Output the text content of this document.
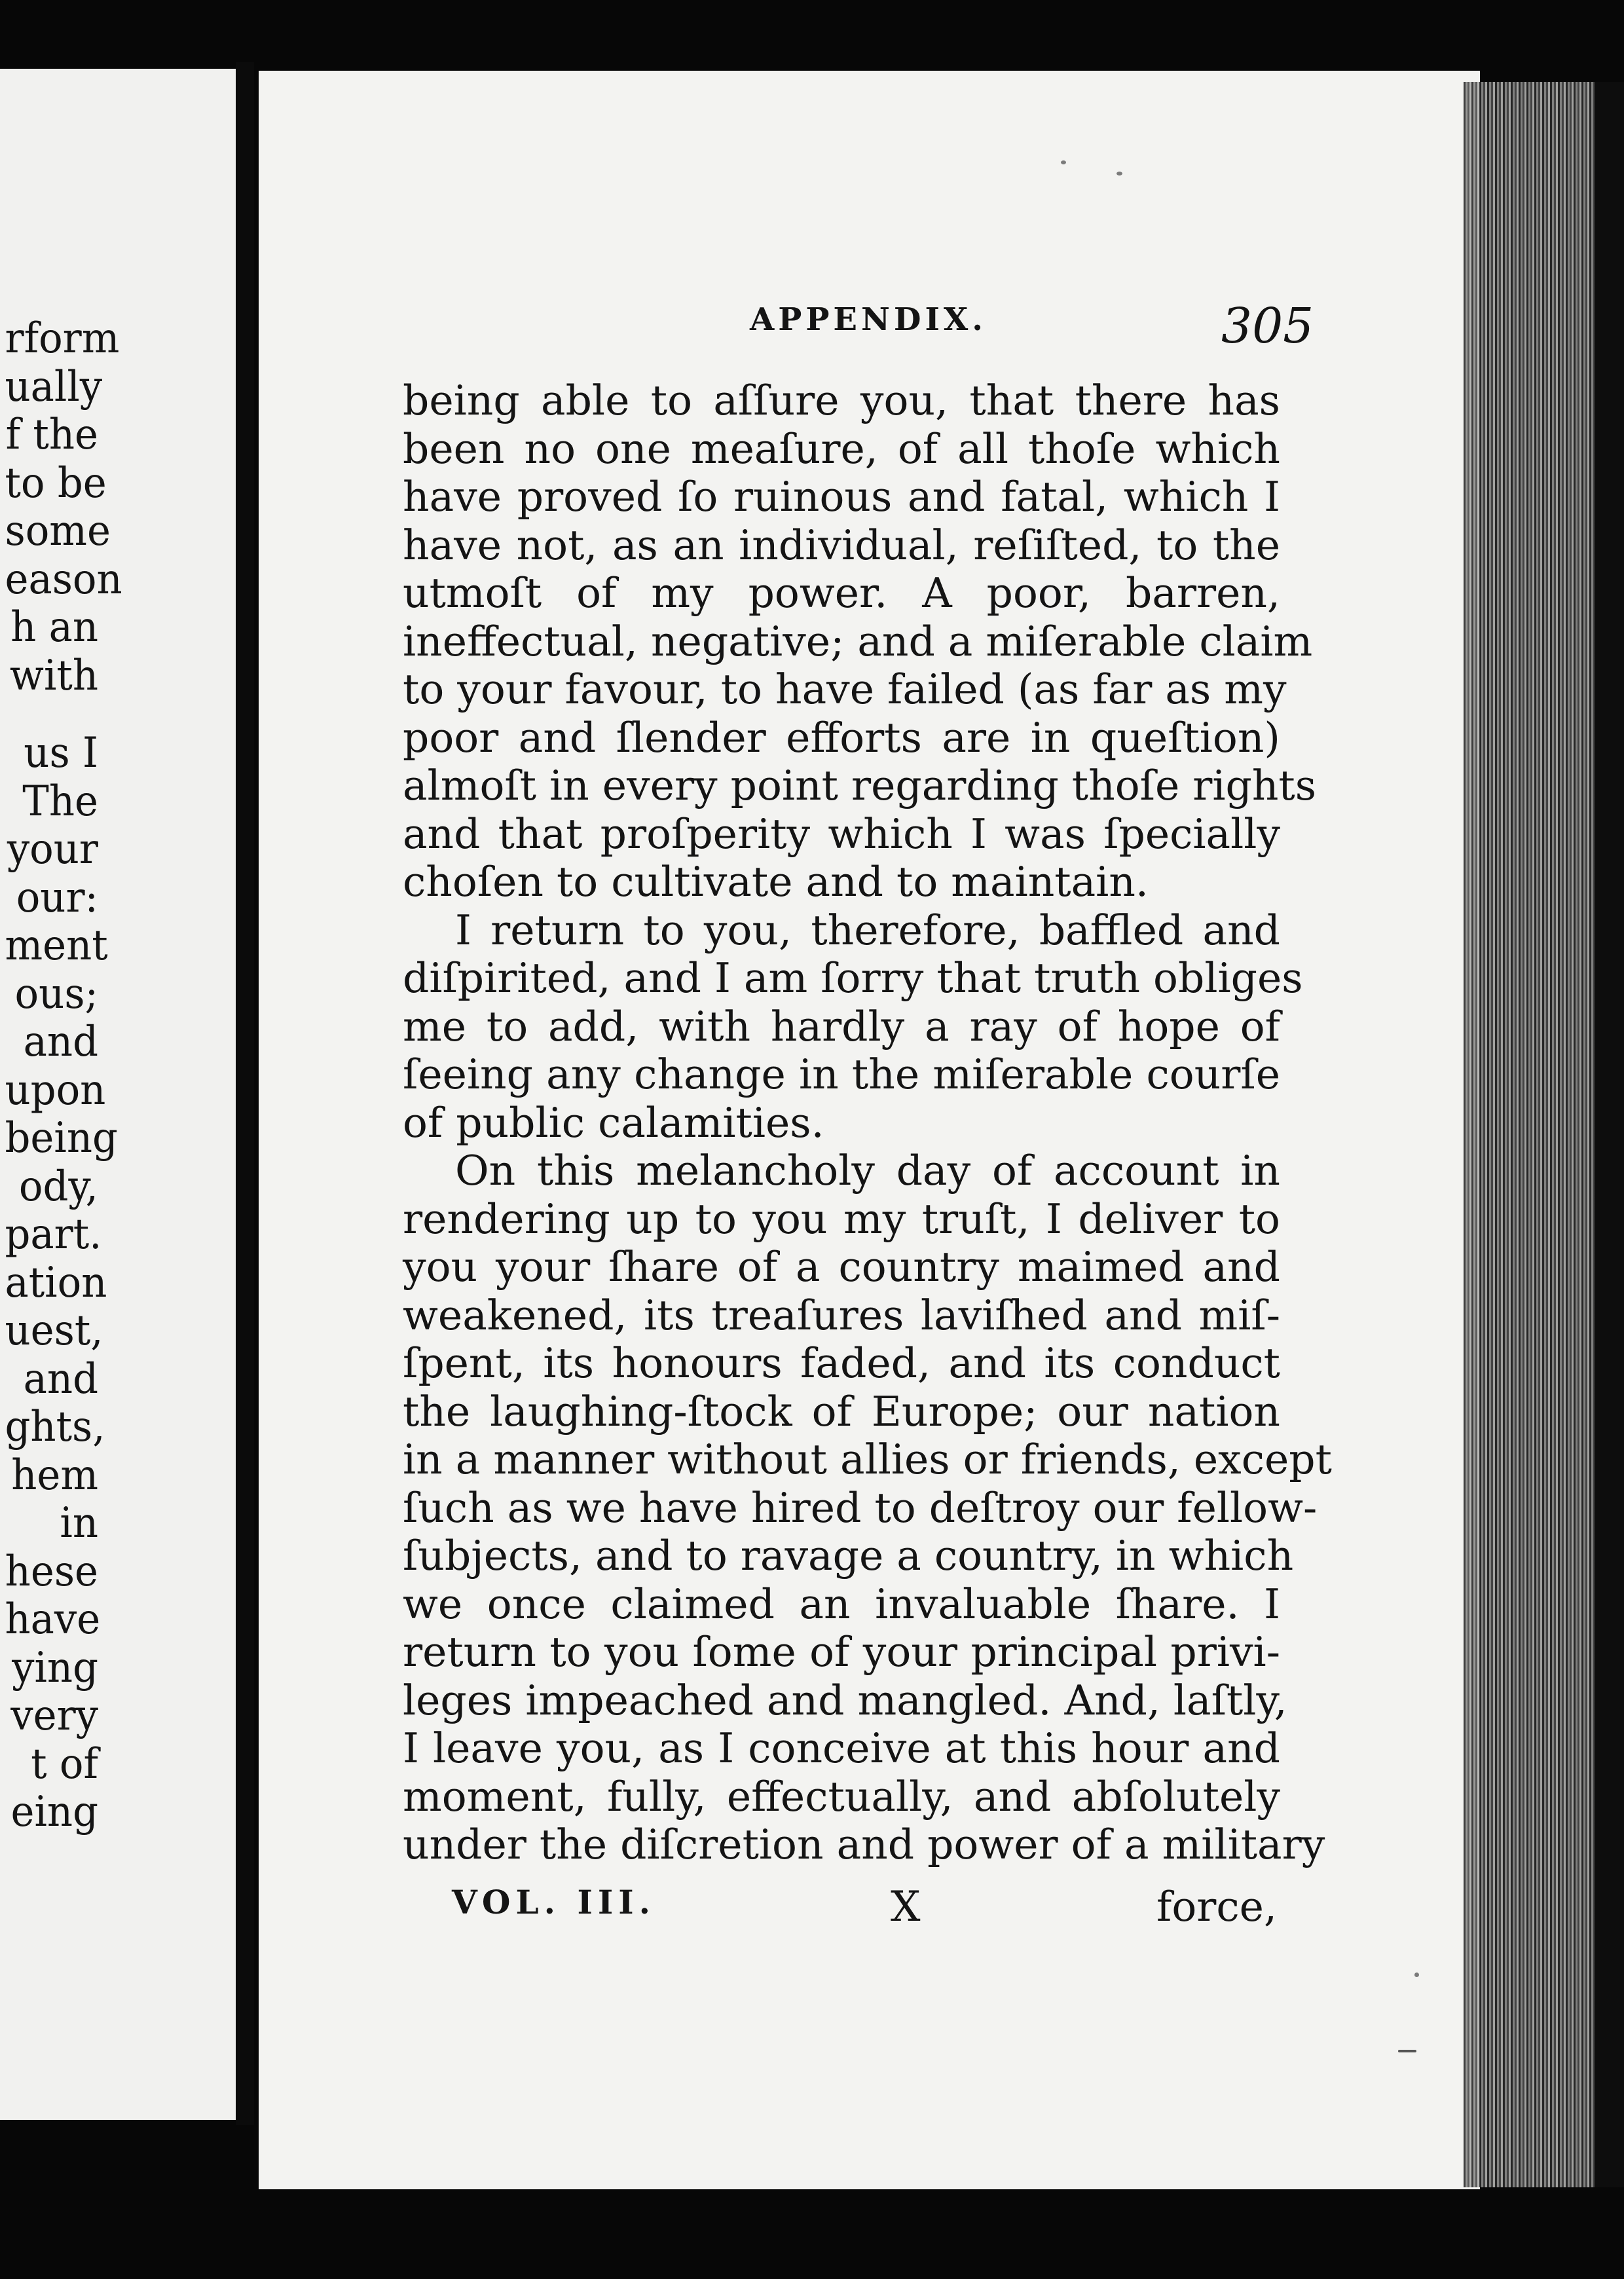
rform
ually
f the
to be
some
eason
h an
with
us I
The
your
our:
ment
ous;
and
upon
being
ody,
part.
ation
uest,
and
ghts,
hem
in
hese
have
ying
very
t of
eing
APPENDIX.	305
being able to aſſure you, that there has
been no one meaſure, of all thoſe which
have proved ſo ruinous and fatal, which I
have not, as an individual, reſiſted, to the
utmoſt of my power. A poor, barren,
ineffectual, negative; and a miſerable claim
to your favour, to have failed (as far as my
poor and ſlender efforts are in queſtion)
almoſt in every point regarding thoſe rights
and that proſperity which I was ſpecially
choſen to cultivate and to maintain.
I return to you, therefore, baffled and
diſpirited, and I am ſorry that truth obliges
me to add, with hardly a ray of hope of
ſeeing any change in the miſerable courſe
of public calamities.
On this melancholy day of account in
rendering up to you my truſt, I deliver to
you your ſhare of a country maimed and
weakened, its treaſures laviſhed and miſ-
ſpent, its honours faded, and its conduct
the laughing-ſtock of Europe; our nation
in a manner without allies or friends, except
ſuch as we have hired to deſtroy our fellow-
ſubjects, and to ravage a country, in which
we once claimed an invaluable ſhare. I
return to you ſome of your principal privi-
leges impeached and mangled. And, laſtly,
I leave you, as I conceive at this hour and
moment, fully, effectually, and abſolutely
under the diſcretion and power of a military
VOL. III.	X	force,
